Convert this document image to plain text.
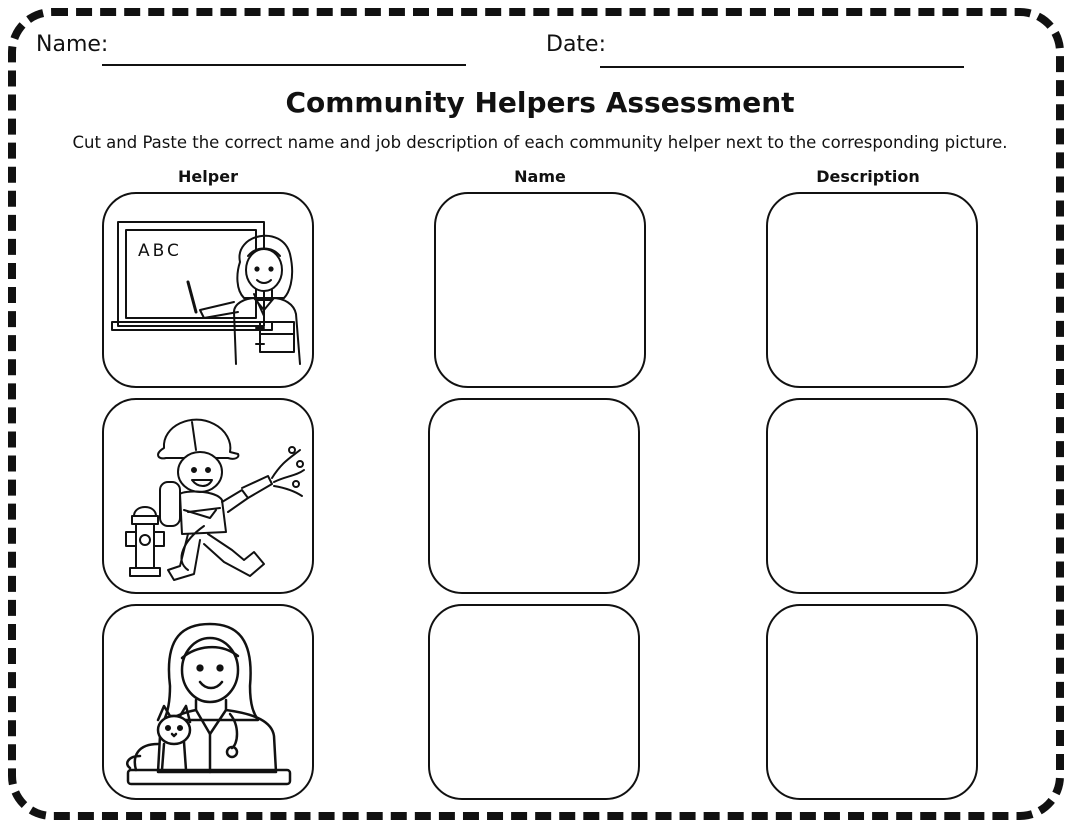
Name:	Date:
Community Helpers Assessment
Cut and Paste the correct name and job description of each community helper next to the corresponding picture.
Helper	Name	Description
ABC
